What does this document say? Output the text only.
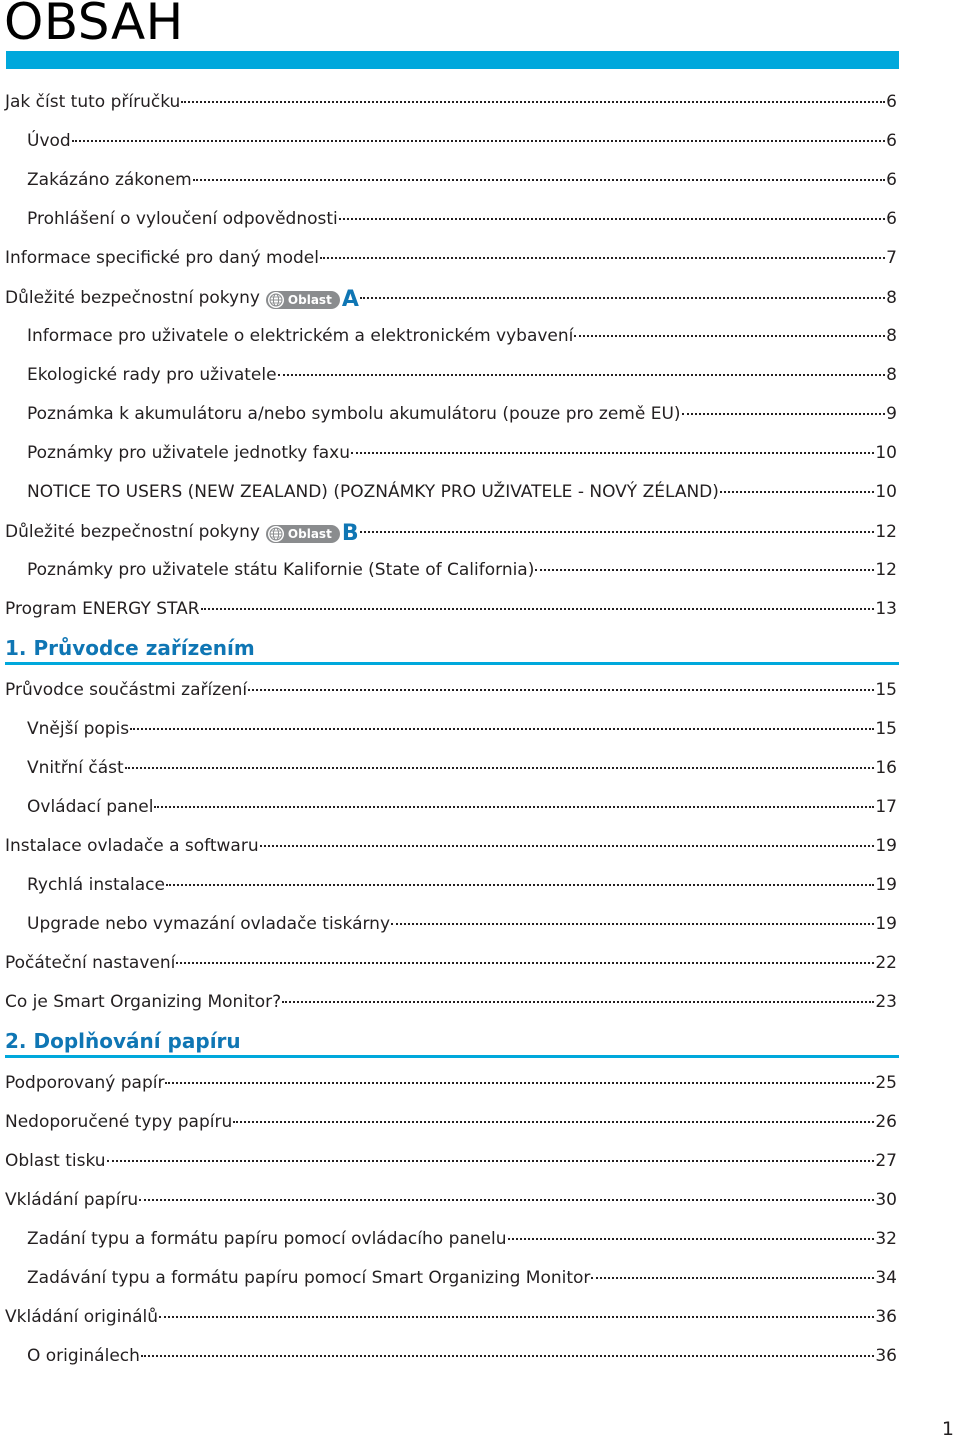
OBSAH
Jak číst tuto příručku	6
Úvod	6
Zakázáno zákonem	6
Prohlášení o vyloučení odpovědnosti	6
Informace specifické pro daný model	7
Důležité bezpečnostní pokyny Oblast A	8
Informace pro uživatele o elektrickém a elektronickém vybavení	8
Ekologické rady pro uživatele	8
Poznámka k akumulátoru a/nebo symbolu akumulátoru (pouze pro země EU)	9
Poznámky pro uživatele jednotky faxu	10
NOTICE TO USERS (NEW ZEALAND) (POZNÁMKY PRO UŽIVATELE - NOVÝ ZÉLAND)	10
Důležité bezpečnostní pokyny Oblast B	12
Poznámky pro uživatele státu Kalifornie (State of California)	12
Program ENERGY STAR	13
1. Průvodce zařízením
Průvodce součástmi zařízení	15
Vnější popis	15
Vnitřní část	16
Ovládací panel	17
Instalace ovladače a softwaru	19
Rychlá instalace	19
Upgrade nebo vymazání ovladače tiskárny	19
Počáteční nastavení	22
Co je Smart Organizing Monitor?	23
2. Doplňování papíru
Podporovaný papír	25
Nedoporučené typy papíru	26
Oblast tisku	27
Vkládání papíru	30
Zadání typu a formátu papíru pomocí ovládacího panelu	32
Zadávání typu a formátu papíru pomocí Smart Organizing Monitor	34
Vkládání originálů	36
O originálech	36
1
